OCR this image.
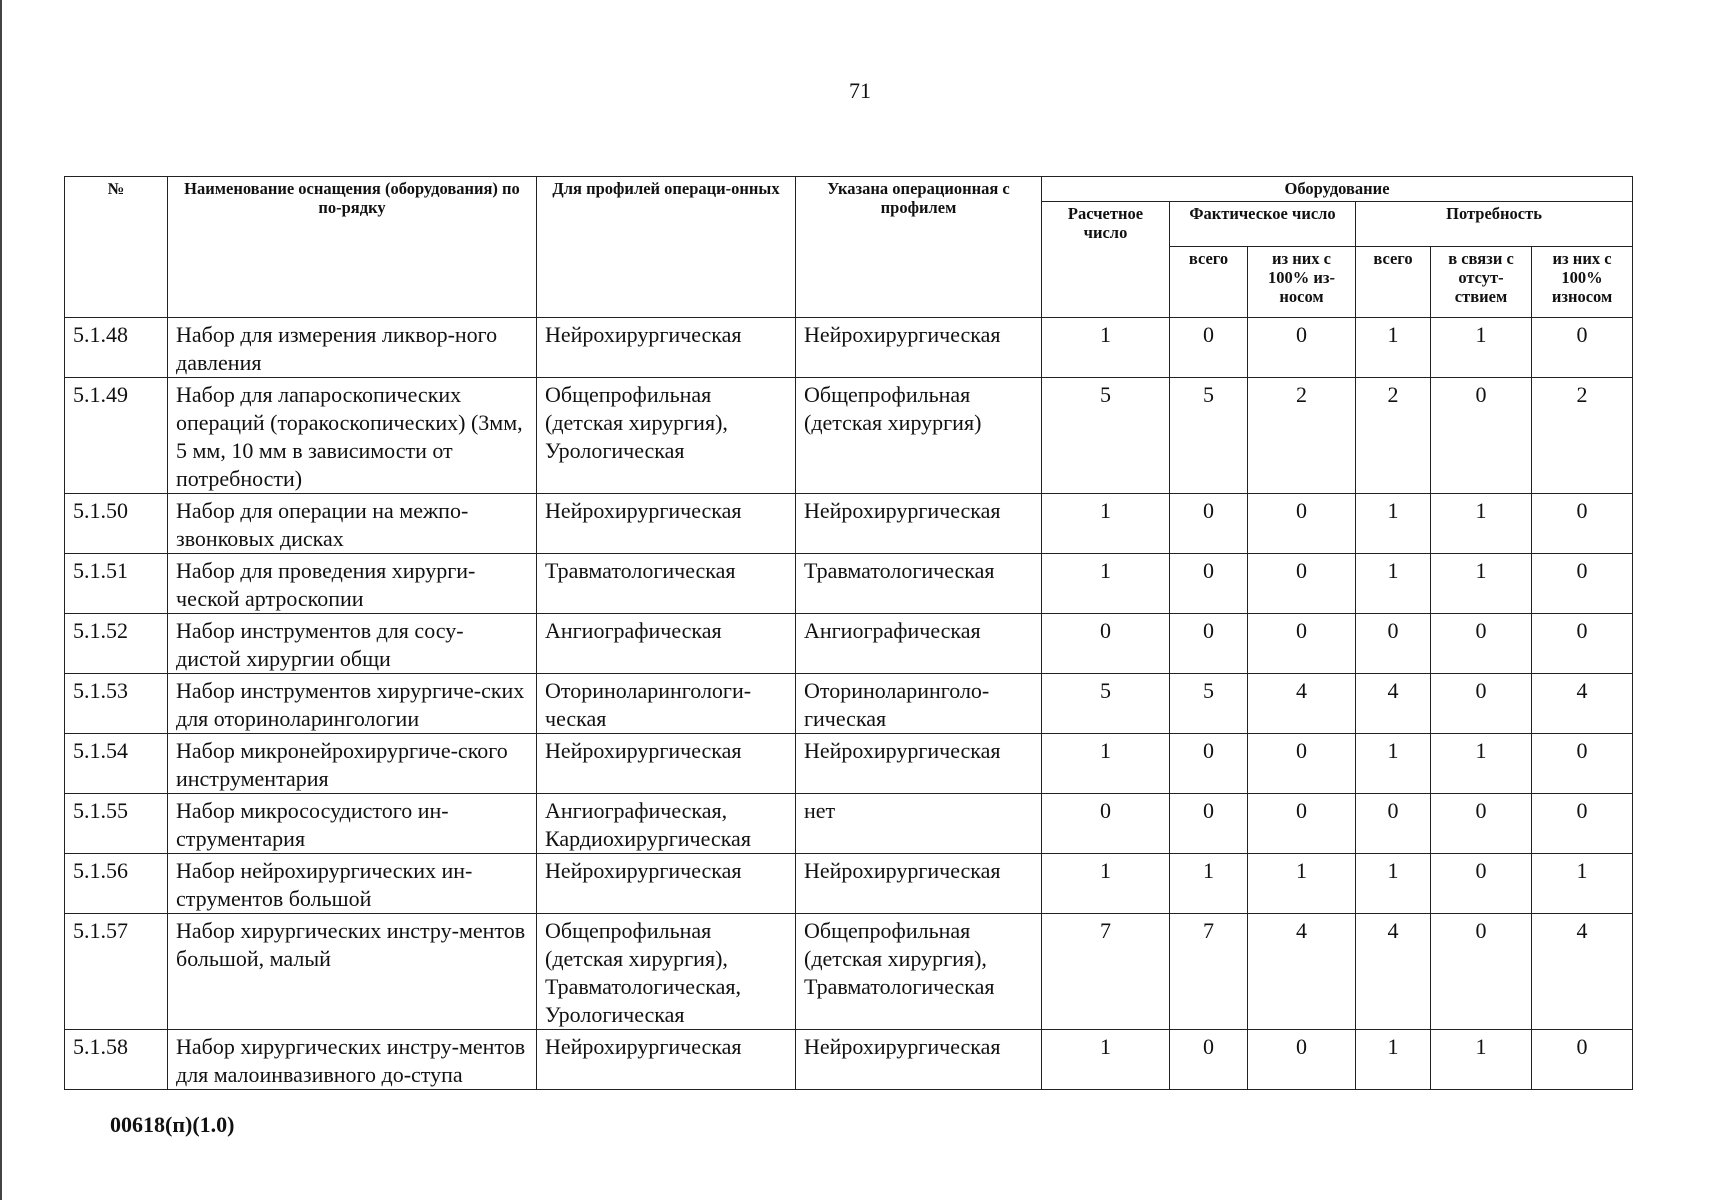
71
№	Наименование оснащения (оборудования) по по-рядку	Для профилей операци-онных	Указана операционная с профилем	Оборудование					
				Расчетное число	Фактическое число		Потребность		
					всего	из них с 100% из-носом	всего	в связи с отсут-ствием	из них с 100% износом
5.1.48	Набор для измерения ликвор-ного давления	Нейрохирургическая	Нейрохирургическая	1	0	0	1	1	0
5.1.49	Набор для лапароскопических операций (торакоскопических) (3мм, 5 мм, 10 мм в зависимости от потребности)	Общепрофильная (детская хирургия), Урологическая	Общепрофильная (детская хирургия)	5	5	2	2	0	2
5.1.50	Набор для операции на межпо-звонковых дисках	Нейрохирургическая	Нейрохирургическая	1	0	0	1	1	0
5.1.51	Набор для проведения хирурги-ческой артроскопии	Травматологическая	Травматологическая	1	0	0	1	1	0
5.1.52	Набор инструментов для сосу-дистой хирургии общи	Ангиографическая	Ангиографическая	0	0	0	0	0	0
5.1.53	Набор инструментов хирургиче-ских для оториноларингологии	Оториноларингологи-ческая	Оториноларинголо-гическая	5	5	4	4	0	4
5.1.54	Набор микронейрохирургиче-ского инструментария	Нейрохирургическая	Нейрохирургическая	1	0	0	1	1	0
5.1.55	Набор микрососудистого ин-струментария	Ангиографическая, Кардиохирургическая	нет	0	0	0	0	0	0
5.1.56	Набор нейрохирургических ин-струментов большой	Нейрохирургическая	Нейрохирургическая	1	1	1	1	0	1
5.1.57	Набор хирургических инстру-ментов большой, малый	Общепрофильная (детская хирургия), Травматологическая, Урологическая	Общепрофильная (детская хирургия), Травматологическая	7	7	4	4	0	4
5.1.58	Набор хирургических инстру-ментов для малоинвазивного до-ступа	Нейрохирургическая	Нейрохирургическая	1	0	0	1	1	0
00618(п)(1.0)
